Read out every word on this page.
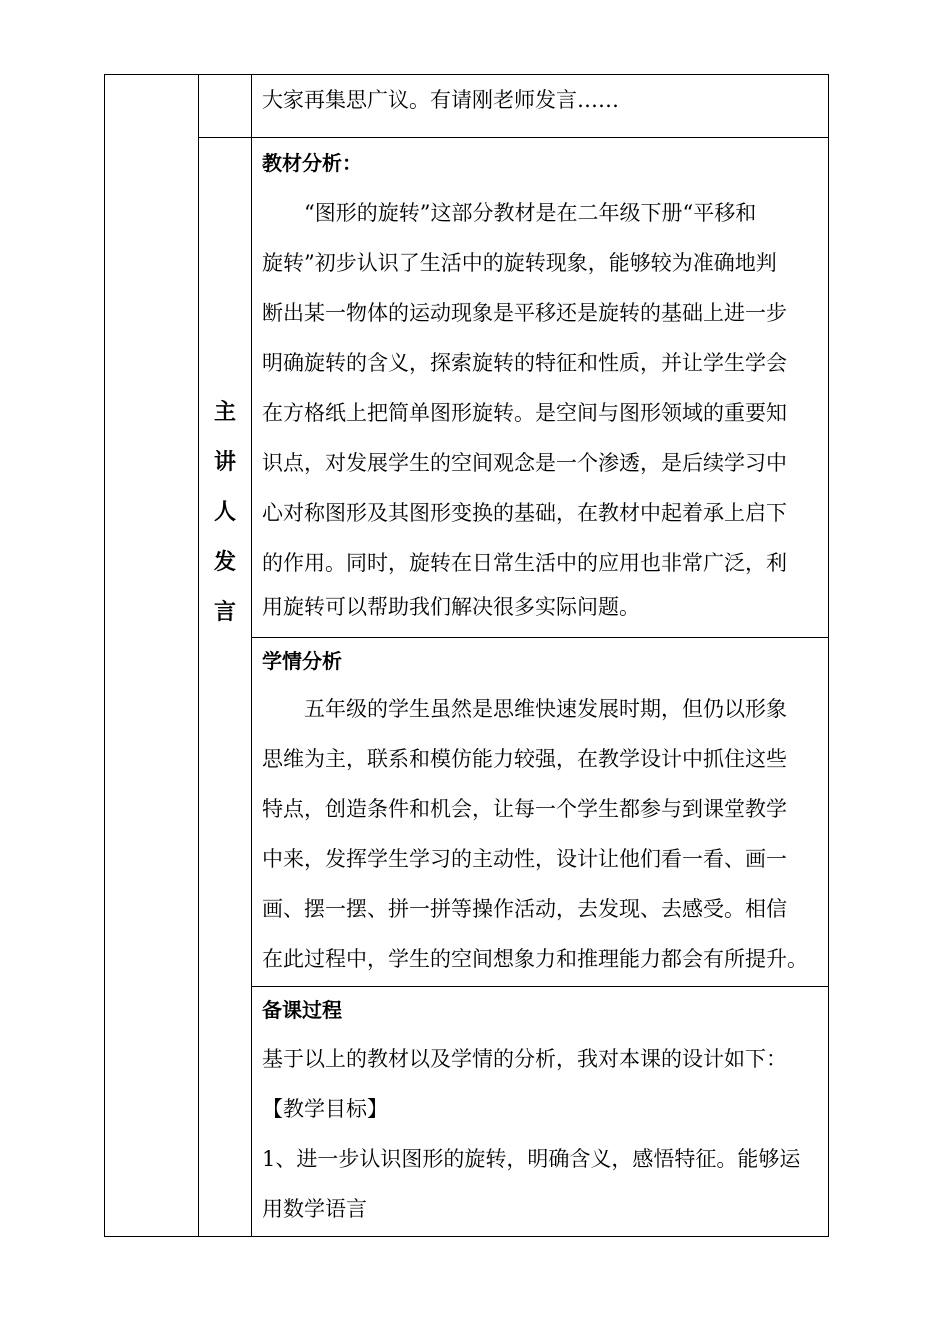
大家再集思广议。有请刚老师发言……
主
讲
人
发
言
教材分析：
　　“图形的旋转”这部分教材是在二年级下册“平移和
旋转”初步认识了生活中的旋转现象，能够较为准确地判
断出某一物体的运动现象是平移还是旋转的基础上进一步
明确旋转的含义，探索旋转的特征和性质，并让学生学会
在方格纸上把简单图形旋转。是空间与图形领域的重要知
识点，对发展学生的空间观念是一个渗透，是后续学习中
心对称图形及其图形变换的基础，在教材中起着承上启下
的作用。同时，旋转在日常生活中的应用也非常广泛，利
用旋转可以帮助我们解决很多实际问题。
学情分析
　　五年级的学生虽然是思维快速发展时期，但仍以形象
思维为主，联系和模仿能力较强，在教学设计中抓住这些
特点，创造条件和机会，让每一个学生都参与到课堂教学
中来，发挥学生学习的主动性，设计让他们看一看、画一
画、摆一摆、拼一拼等操作活动，去发现、去感受。相信
在此过程中，学生的空间想象力和推理能力都会有所提升。
备课过程
基于以上的教材以及学情的分析，我对本课的设计如下：
【教学目标】
1、进一步认识图形的旋转，明确含义，感悟特征。能够运
用数学语言
